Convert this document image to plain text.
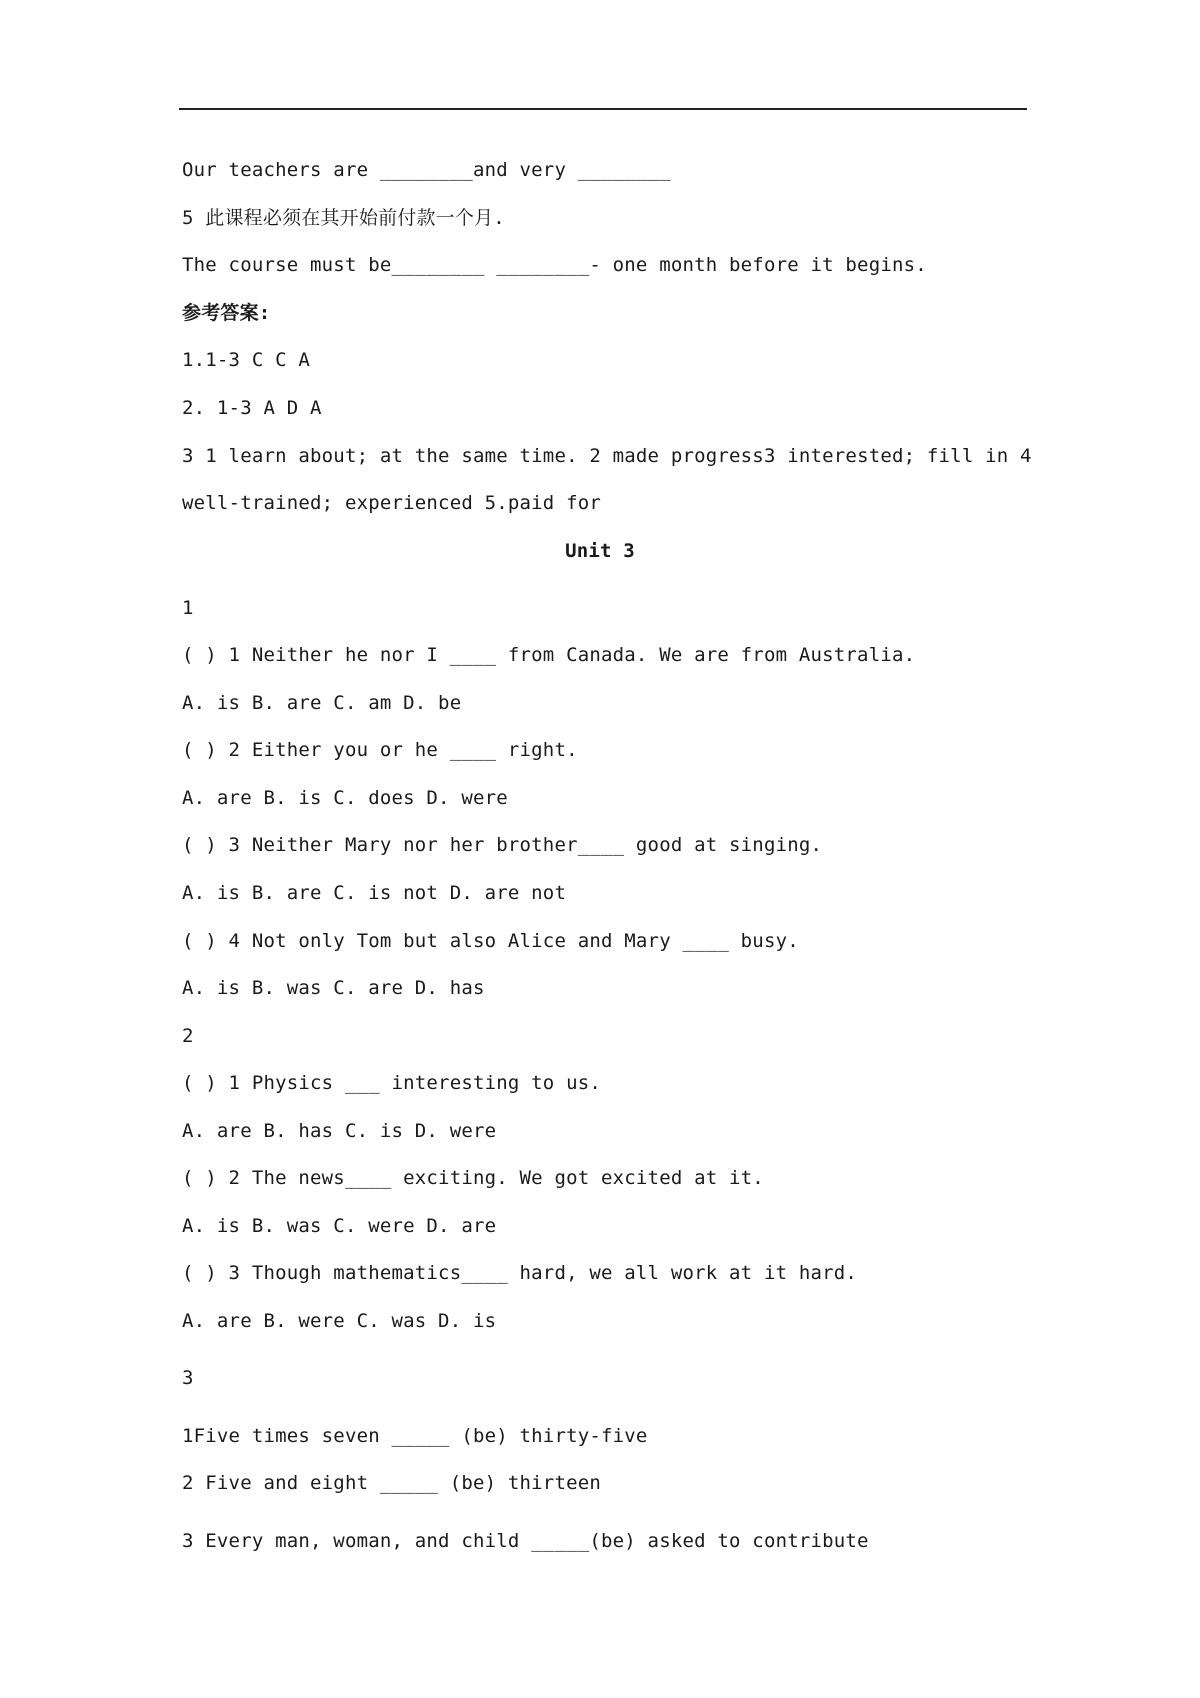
Our teachers are ________and very ________
5 此课程必须在其开始前付款一个月.
The course must be________ ________- one month before it begins.
参考答案:
1.1-3 C C A
2. 1-3 A D A
3 1 learn about; at the same time. 2 made progress 3 interested; fill in 4
well-trained; experienced 5.paid for
Unit 3
1
( ) 1 Neither he nor I ____ from Canada. We are from Australia.
A. is B. are C. am D. be
( ) 2 Either you or he ____ right.
A. are B. is C. does D. were
( ) 3 Neither Mary nor her brother____ good at singing.
A. is B. are C. is not D. are not
( ) 4 Not only Tom but also Alice and Mary ____ busy.
A. is B. was C. are D. has
2
( ) 1 Physics ___ interesting to us.
A. are B. has C. is D. were
( ) 2 The news____ exciting. We got excited at it.
A. is B. was C. were D. are
( ) 3 Though mathematics____ hard, we all work at it hard.
A. are B. were C. was D. is
3
1Five times seven _____ (be) thirty-five
2 Five and eight _____ (be) thirteen
3 Every man, woman, and child _____(be) asked to contribute
